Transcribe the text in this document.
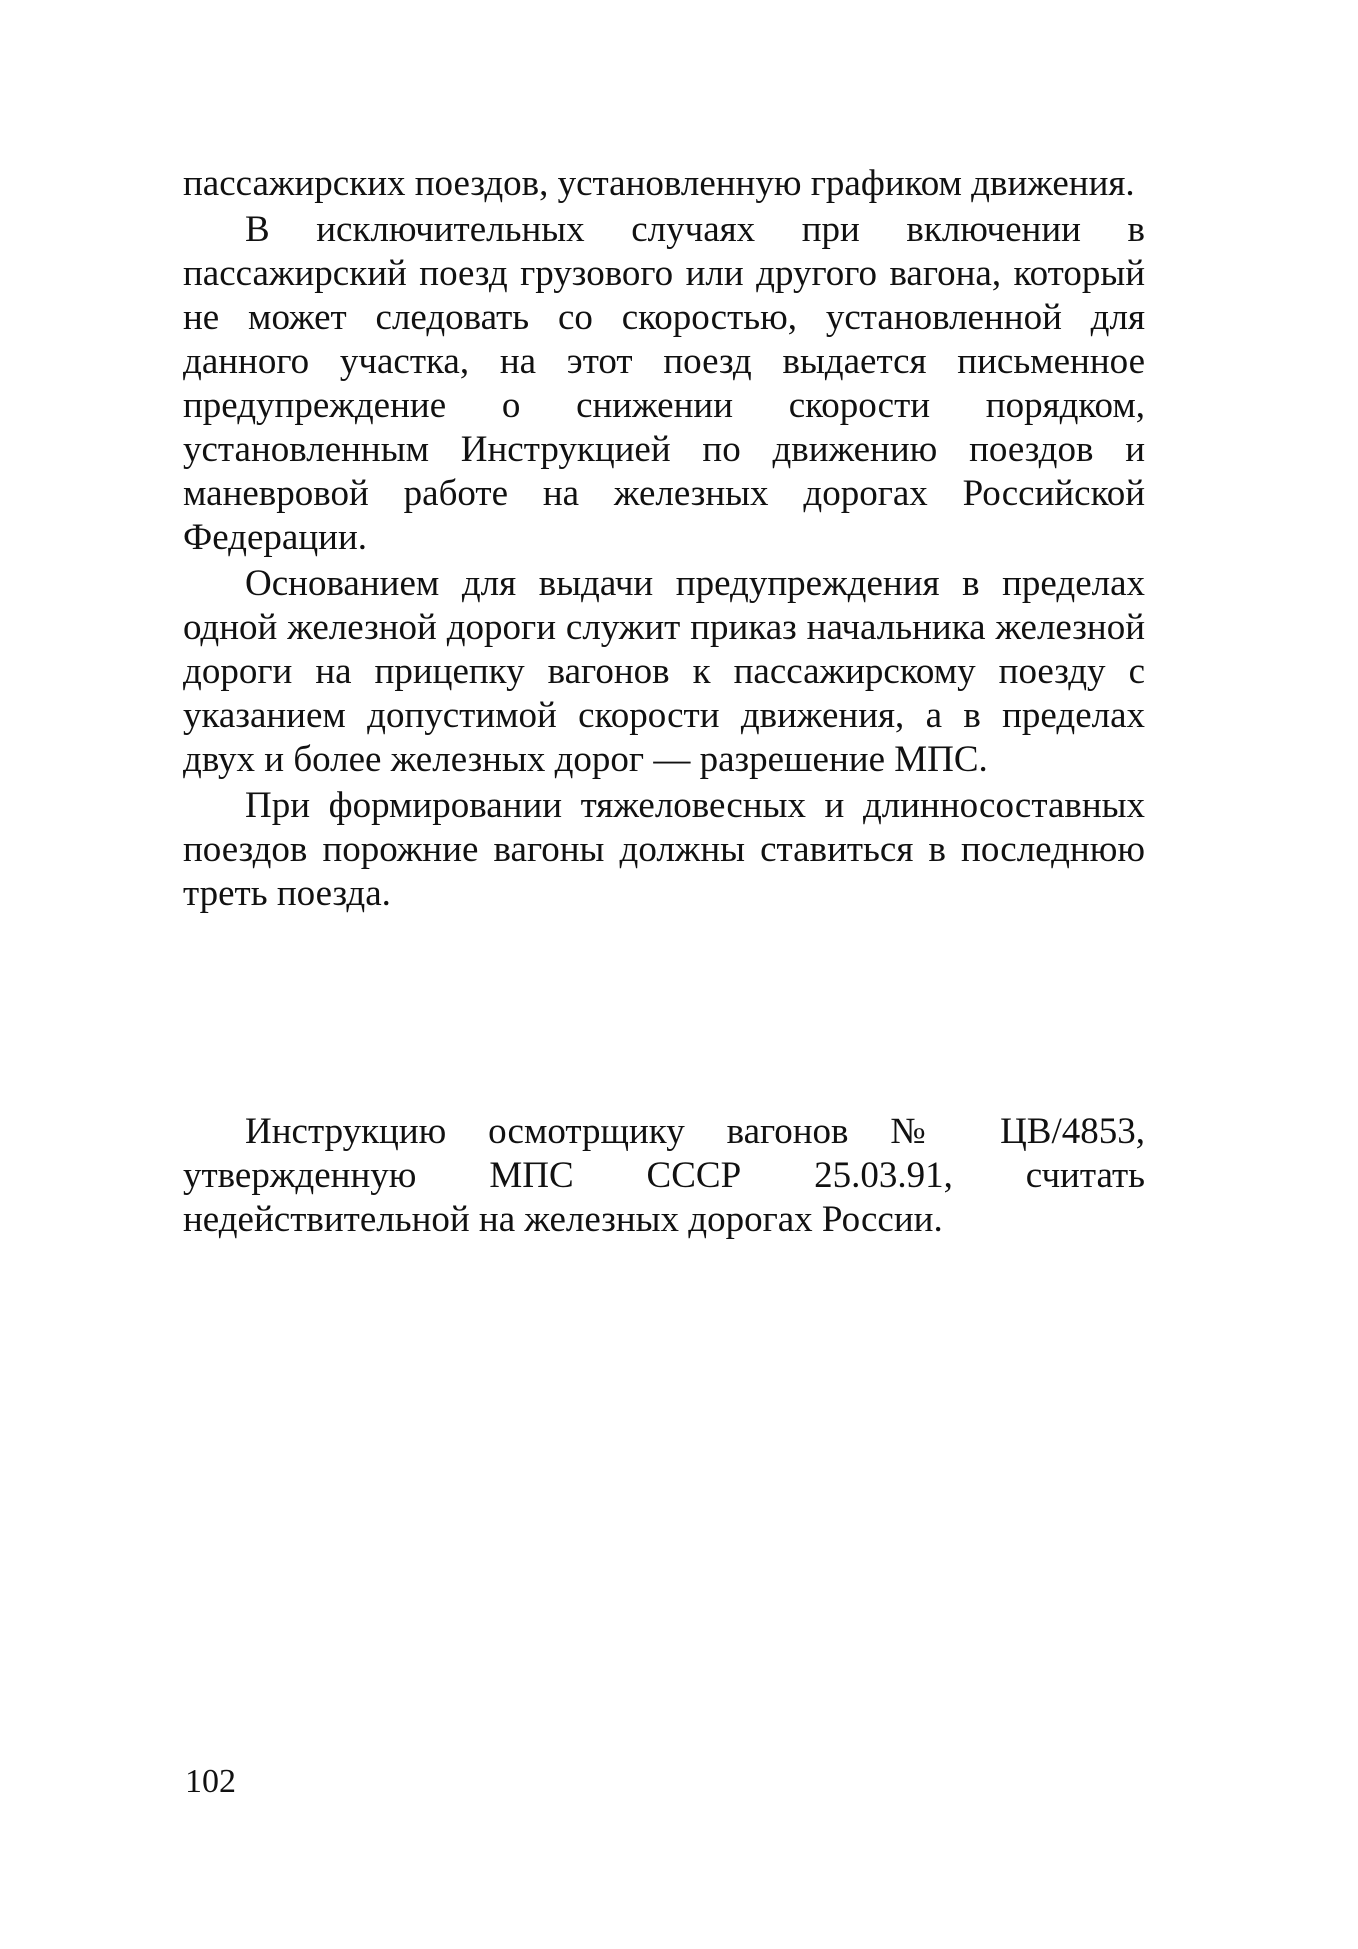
пассажирских поездов, установленную графиком движения.

В исключительных случаях при включении в пассажирский поезд грузового или другого вагона, который не может следовать со скоростью, установленной для данного участка, на этот поезд выдается письменное предупреждение о снижении скорости порядком, установленным Инструкцией по движению поездов и маневровой работе на железных дорогах Российской Федерации.

Основанием для выдачи предупреждения в пределах одной железной дороги служит приказ начальника железной дороги на прицепку вагонов к пассажирскому поезду с указанием допустимой скорости движения, а в пределах двух и более железных дорог — разрешение МПС.

При формировании тяжеловесных и длинносоставных поездов порожние вагоны должны ставиться в последнюю треть поезда.

Инструкцию осмотрщику вагонов № ЦВ/4853, утвержденную МПС СССР 25.03.91, считать недействительной на железных дорогах России.

102
